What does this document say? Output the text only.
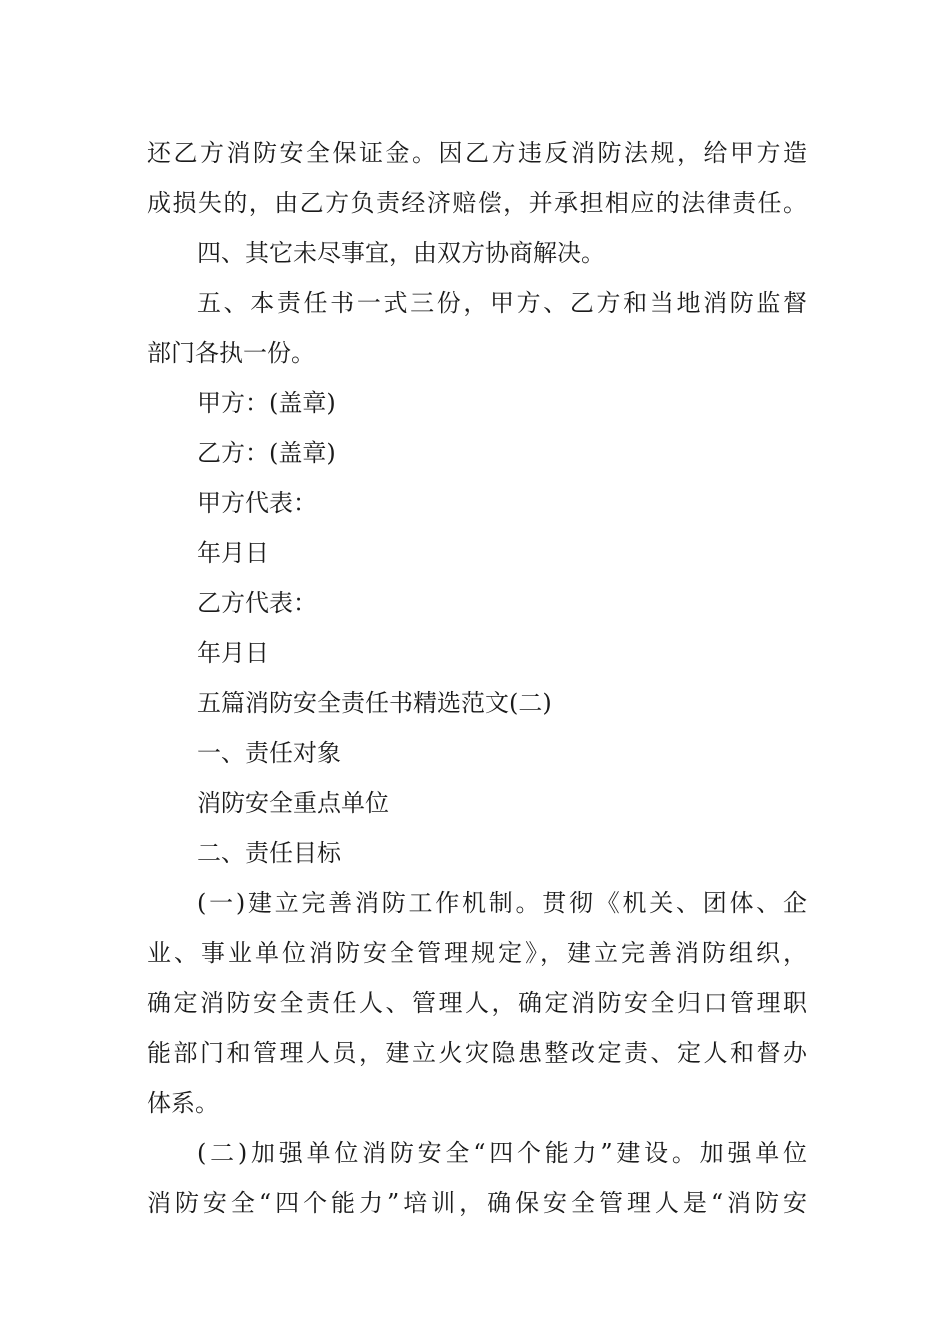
还乙方消防安全保证金。因乙方违反消防法规，给甲方造
成损失的，由乙方负责经济赔偿，并承担相应的法律责任。
四、其它未尽事宜，由双方协商解决。
五、本责任书一式三份，甲方、乙方和当地消防监督
部门各执一份。
甲方：(盖章)
乙方：(盖章)
甲方代表：
年月日
乙方代表：
年月日
五篇消防安全责任书精选范文(二)
一、责任对象
消防安全重点单位
二、责任目标
(一)建立完善消防工作机制。贯彻《机关、团体、企
业、事业单位消防安全管理规定》，建立完善消防组织，
确定消防安全责任人、管理人，确定消防安全归口管理职
能部门和管理人员，建立火灾隐患整改定责、定人和督办
体系。
(二)加强单位消防安全“四个能力”建设。加强单位
消防安全“四个能力”培训，确保安全管理人是“消防安
